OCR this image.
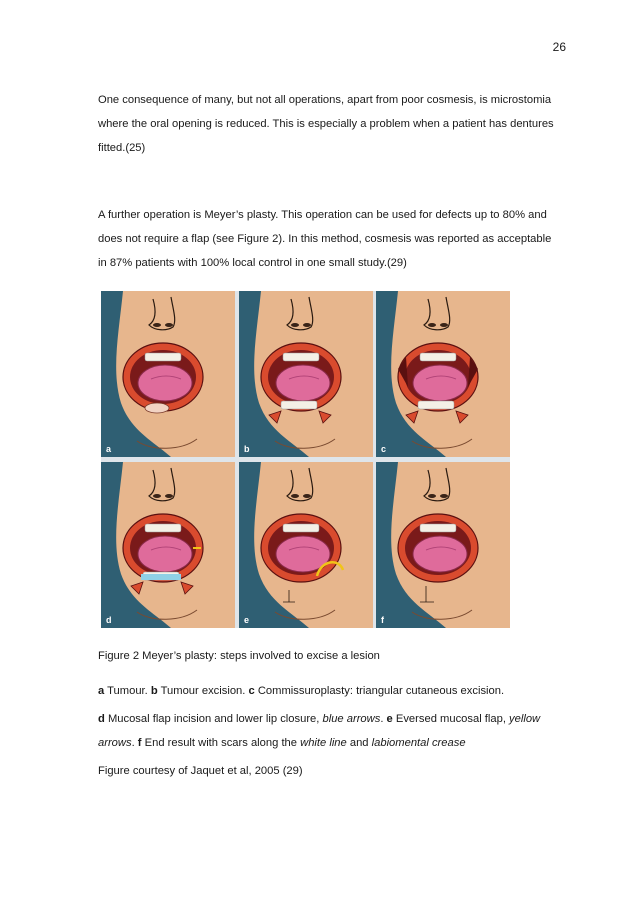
26

One consequence of many, but not all operations, apart from poor cosmesis, is microstomia where the oral opening is reduced. This is especially a problem when a patient has dentures fitted.(25)

A further operation is Meyer’s plasty. This operation can be used for defects up to 80% and does not require a flap (see Figure 2). In this method, cosmesis was reported as acceptable in 87% patients with 100% local control in one small study.(29)

a	b	c
d	e	f

Figure 2 Meyer’s plasty: steps involved to excise a lesion

a Tumour. b Tumour excision. c Commissuroplasty: triangular cutaneous excision.

d Mucosal flap incision and lower lip closure, blue arrows. e Eversed mucosal flap, yellow arrows. f End result with scars along the white line and labiomental crease

Figure courtesy of Jaquet et al, 2005 (29)
